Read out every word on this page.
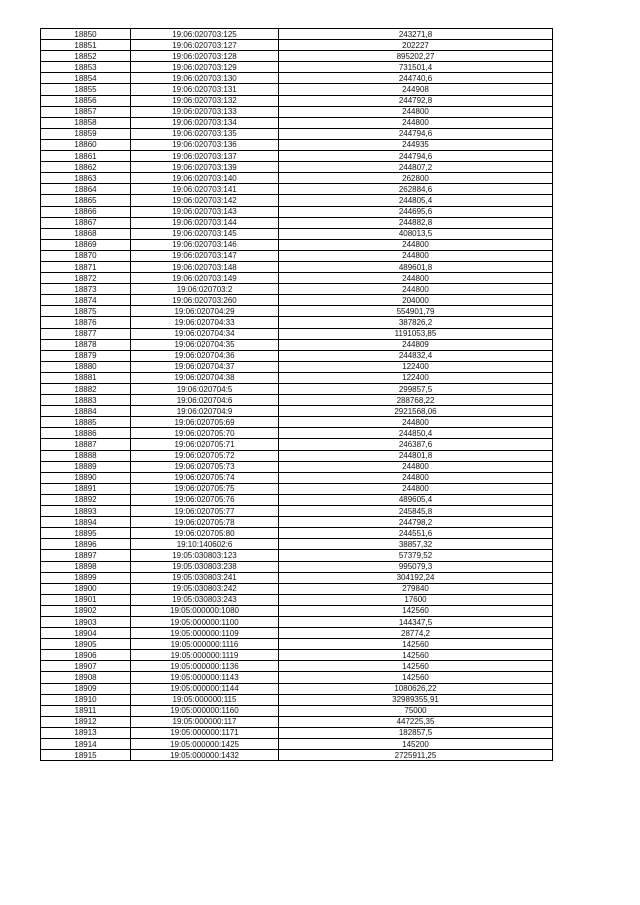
18850	19:06:020703:125	243271,8
18851	19:06:020703:127	202227
18852	19:06:020703:128	895202,27
18853	19:06:020703:129	731501,4
18854	19:06:020703:130	244740,6
18855	19:06:020703:131	244908
18856	19:06:020703:132	244792,8
18857	19:06:020703:133	244800
18858	19:06:020703:134	244800
18859	19:06:020703:135	244794,6
18860	19:06:020703:136	244935
18861	19:06:020703:137	244794,6
18862	19:06:020703:139	244807,2
18863	19:06:020703:140	262800
18864	19:06:020703:141	262884,6
18865	19:06:020703:142	244805,4
18866	19:06:020703:143	244695,6
18867	19:06:020703:144	244882,8
18868	19:06:020703:145	408013,5
18869	19:06:020703:146	244800
18870	19:06:020703:147	244800
18871	19:06:020703:148	489601,8
18872	19:06:020703:149	244800
18873	19:06:020703:2	244800
18874	19:06:020703:260	204000
18875	19:06:020704:29	554901,79
18876	19:06:020704:33	387826,2
18877	19:06:020704:34	1191053,85
18878	19:06:020704:35	244809
18879	19:06:020704:36	244832,4
18880	19:06:020704:37	122400
18881	19:06:020704:38	122400
18882	19:06:020704:5	299857,5
18883	19:06:020704:6	288768,22
18884	19:06:020704:9	2921568,06
18885	19:06:020705:69	244800
18886	19:06:020705:70	244850,4
18887	19:06:020705:71	246387,6
18888	19:06:020705:72	244801,8
18889	19:06:020705:73	244800
18890	19:06:020705:74	244800
18891	19:06:020705:75	244800
18892	19:06:020705:76	489605,4
18893	19:06:020705:77	245845,8
18894	19:06:020705:78	244798,2
18895	19:06:020705:80	244551,6
18896	19:10:140602:6	38857,32
18897	19:05:030803:123	57379,52
18898	19:05:030803:238	995079,3
18899	19:05:030803:241	304192,24
18900	19:05:030803:242	279840
18901	19:05:030803:243	17600
18902	19:05:000000:1080	142560
18903	19:05:000000:1100	144347,5
18904	19:05:000000:1109	28774,2
18905	19:05:000000:1116	142560
18906	19:05:000000:1119	142560
18907	19:05:000000:1136	142560
18908	19:05:000000:1143	142560
18909	19:05:000000:1144	1080626,22
18910	19:05:000000:115	32989355,91
18911	19:05:000000:1160	75000
18912	19:05:000000:117	447225,35
18913	19:05:000000:1171	182857,5
18914	19:05:000000:1425	145200
18915	19:05:000000:1432	2725911,25
